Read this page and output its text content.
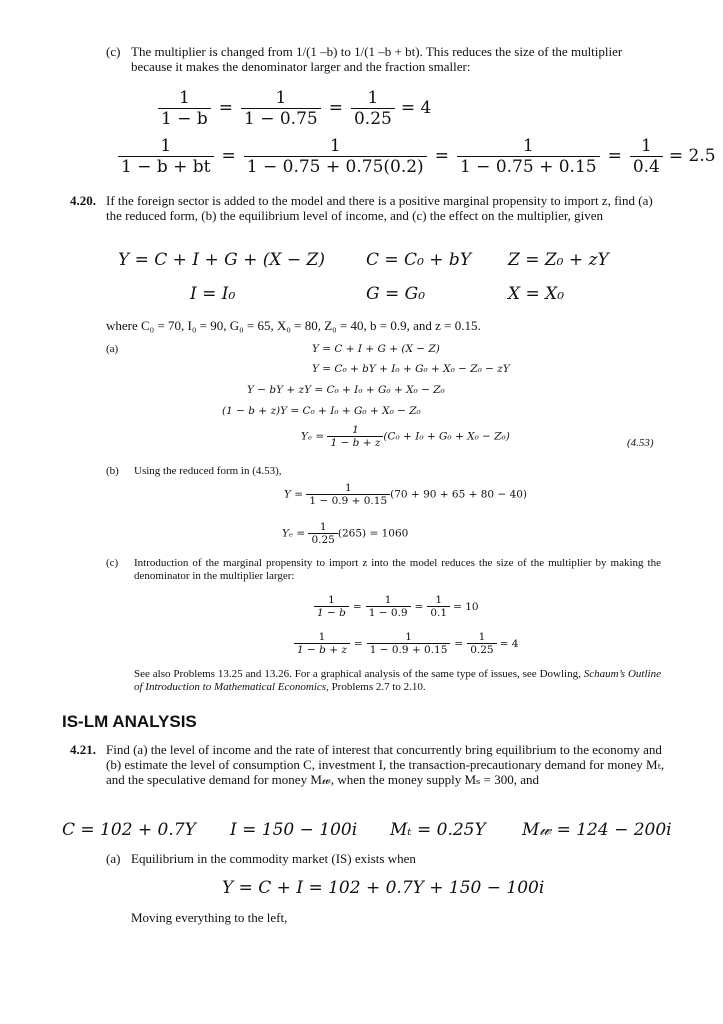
(c) The multiplier is changed from 1/(1 –b) to 1/(1 –b + bt). This reduces the size of the multiplier because it makes the denominator larger and the fraction smaller:
$\frac{1}{1 - b} = \frac{1}{1 - 0.75} = \frac{1}{0.25} = 4$
$\frac{1}{1 - b + bt} = \frac{1}{1 - 0.75 + 0.75(0.2)} = \frac{1}{1 - 0.75 + 0.15} = \frac{1}{0.4} = 2.5$
4.20. If the foreign sector is added to the model and there is a positive marginal propensity to import z, find (a) the reduced form, (b) the equilibrium level of income, and (c) the effect on the multiplier, given
Y = C + I + G + (X − Z) C = C₀ + bY Z = Z₀ + zY
I = I₀	G = G₀	X = X₀
where C₀ = 70, I₀ = 90, G₀ = 65, X₀ = 80, Z₀ = 40, b = 0.9, and z = 0.15.
(a)	Y = C + I + G + (X − Z)
Y = C₀ + bY + I₀ + G₀ + X₀ − Z₀ − zY
Y − bY + zY = C₀ + I₀ + G₀ + X₀ − Z₀
(1 − b + z)Y = C₀ + I₀ + G₀ + X₀ − Z₀
$Y_e = \frac{1}{1 - b + z} (C_0 + I_0 + G_0 + X_0 - Z_0)$
(4.53)
(b) Using the reduced form in (4.53),
$Y = \frac{1}{1 - 0.9 + 0.15} (70 + 90 + 65 + 80 - 40)$
$Y_e = \frac{1}{0.25} (265) = 1060$
(c) Introduction of the marginal propensity to import z into the model reduces the size of the multiplier by making the denominator in the multiplier larger:
$\frac{1}{1 - b} = \frac{1}{1 - 0.9} = \frac{1}{0.1} = 10$
$\frac{1}{1 - b + z} = \frac{1}{1 - 0.9 + 0.15} = \frac{1}{0.25} = 4$
See also Problems 13.25 and 13.26. For a graphical analysis of the same type of issues, see Dowling, Schaum’s Outline of Introduction to Mathematical Economics, Problems 2.7 to 2.10.
IS-LM ANALYSIS
4.21. Find (a) the level of income and the rate of interest that concurrently bring equilibrium to the economy and (b) estimate the level of consumption C, investment I, the transaction-precautionary demand for money Mₜ, and the speculative demand for money M𝓌, when the money supply Mₛ = 300, and
C = 102 + 0.7Y I = 150 − 100i Mₜ = 0.25Y M𝓌 = 124 − 200i
(a) Equilibrium in the commodity market (IS) exists when
Y = C + I = 102 + 0.7Y + 150 − 100i
Moving everything to the left,
